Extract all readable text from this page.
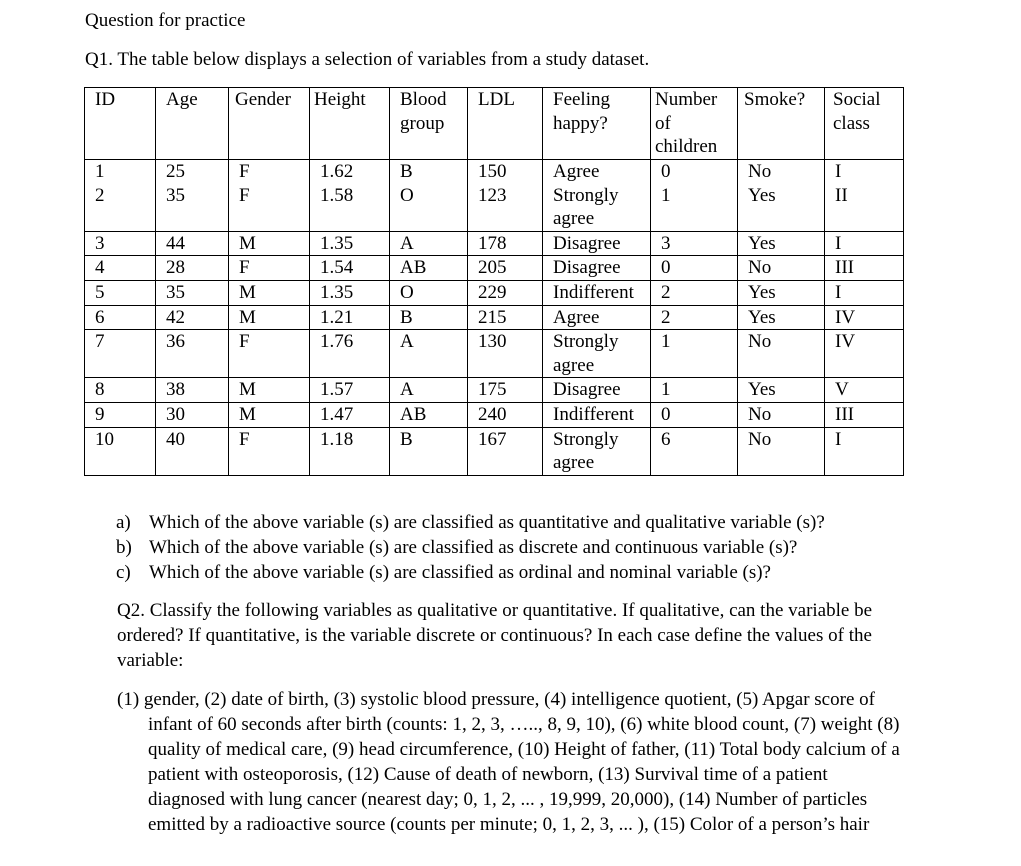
Question for practice
Q1. The table below displays a selection of variables from a study dataset.
ID	Age	Gender	Height	Blood group	LDL	Feeling happy?	Number of children	Smoke?	Social class
1	25	F	1.62	B	150	Agree	0	No	I
2	35	F	1.58	O	123	Strongly agree	1	Yes	II
3	44	M	1.35	A	178	Disagree	3	Yes	I
4	28	F	1.54	AB	205	Disagree	0	No	III
5	35	M	1.35	O	229	Indifferent	2	Yes	I
6	42	M	1.21	B	215	Agree	2	Yes	IV
7	36	F	1.76	A	130	Strongly agree	1	No	IV
8	38	M	1.57	A	175	Disagree	1	Yes	V
9	30	M	1.47	AB	240	Indifferent	0	No	III
10	40	F	1.18	B	167	Strongly agree	6	No	I
a) Which of the above variable (s) are classified as quantitative and qualitative variable (s)?
b) Which of the above variable (s) are classified as discrete and continuous variable (s)?
c) Which of the above variable (s) are classified as ordinal and nominal variable (s)?

Q2. Classify the following variables as qualitative or quantitative. If qualitative, can the variable be ordered? If quantitative, is the variable discrete or continuous? In each case define the values of the variable:

(1) gender, (2) date of birth, (3) systolic blood pressure, (4) intelligence quotient, (5) Apgar score of infant of 60 seconds after birth (counts: 1, 2, 3, ….., 8, 9, 10), (6) white blood count, (7) weight (8) quality of medical care, (9) head circumference, (10) Height of father, (11) Total body calcium of a patient with osteoporosis, (12) Cause of death of newborn, (13) Survival time of a patient diagnosed with lung cancer (nearest day; 0, 1, 2, ... , 19,999, 20,000), (14) Number of particles emitted by a radioactive source (counts per minute; 0, 1, 2, 3, ... ), (15) Color of a person’s hair
